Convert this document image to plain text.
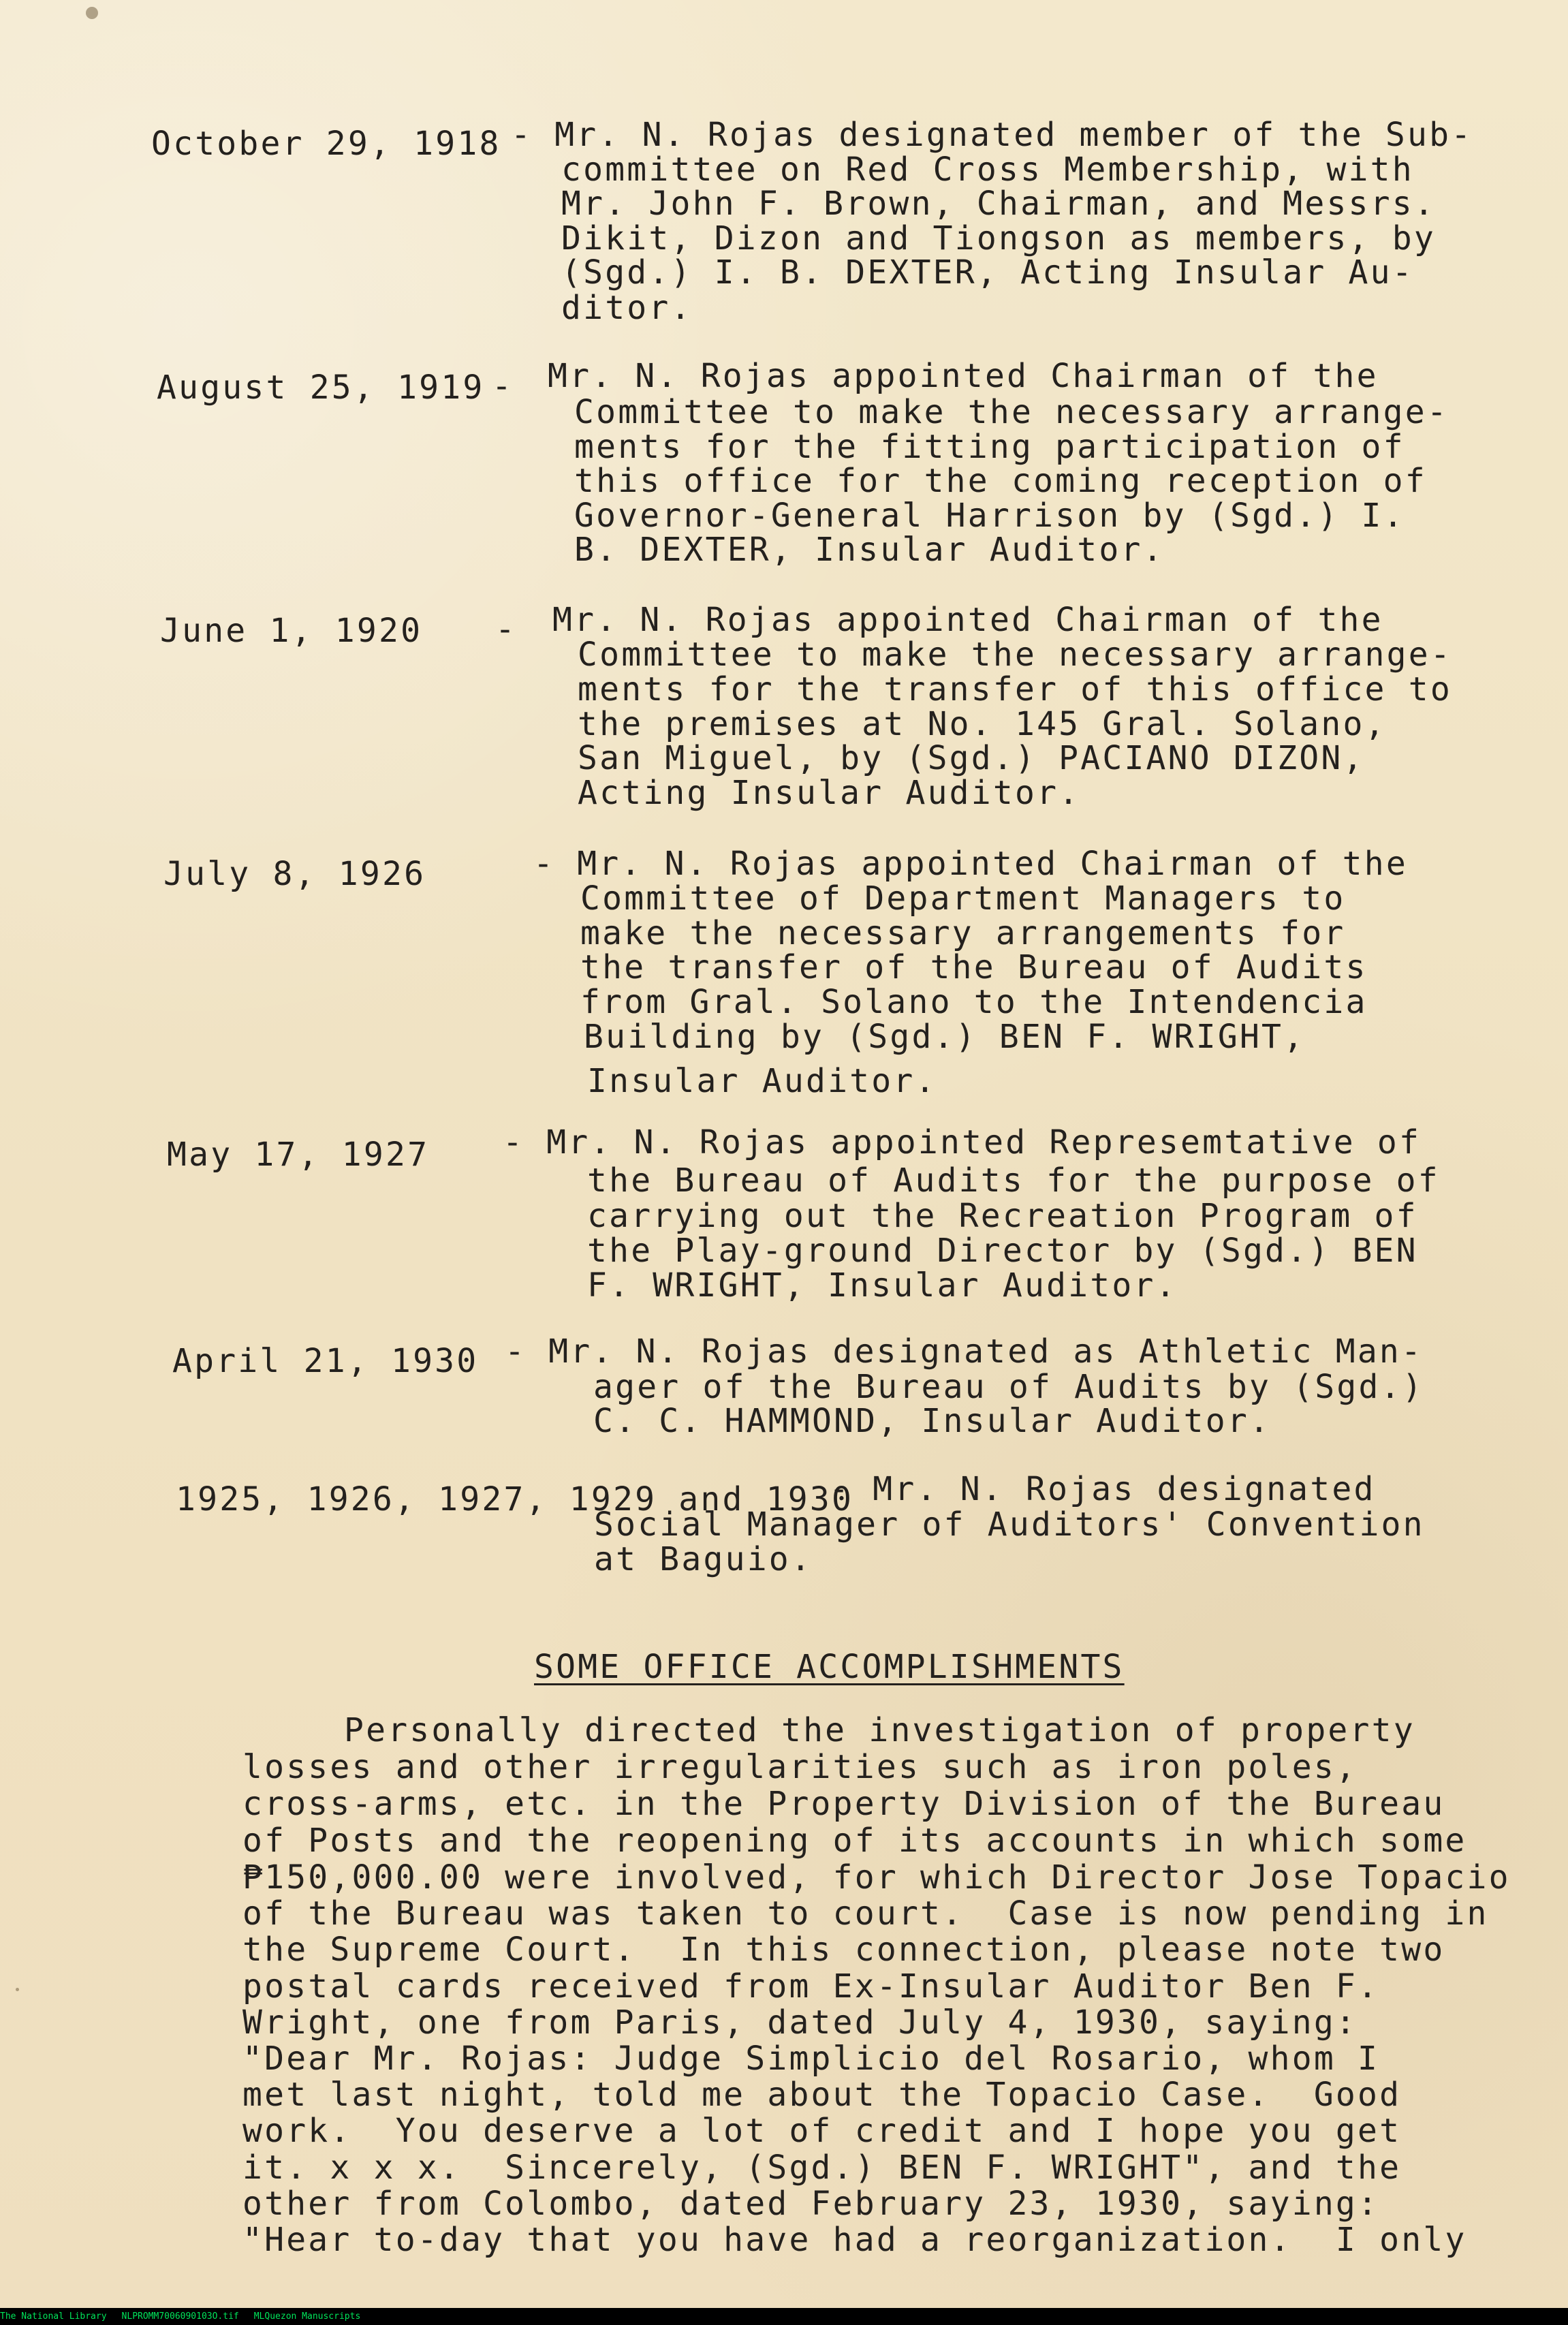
October 29, 1918 - Mr. N. Rojas designated member of the Sub-
committee on Red Cross Membership, with
Mr. John F. Brown, Chairman, and Messrs.
Dikit, Dizon and Tiongson as members, by
(Sgd.) I. B. DEXTER, Acting Insular Au-
ditor.
August 25, 1919 - Mr. N. Rojas appointed Chairman of the
Committee to make the necessary arrange-
ments for the fitting participation of
this office for the coming reception of
Governor-General Harrison by (Sgd.) I.
B. DEXTER, Insular Auditor.
June 1, 1920 - Mr. N. Rojas appointed Chairman of the
Committee to make the necessary arrange-
ments for the transfer of this office to
the premises at No. 145 Gral. Solano,
San Miguel, by (Sgd.) PACIANO DIZON,
Acting Insular Auditor.
July 8, 1926	- Mr. N. Rojas appointed Chairman of the
Committee of Department Managers to
make the necessary arrangements for
the transfer of the Bureau of Audits
from Gral. Solano to the Intendencia
Building by (Sgd.) BEN F. WRIGHT,
Insular Auditor.
May 17, 1927 - Mr. N. Rojas appointed Represemtative of
the Bureau of Audits for the purpose of
carrying out the Recreation Program of
the Play-ground Director by (Sgd.) BEN
F. WRIGHT, Insular Auditor.
April 21, 1930 - Mr. N. Rojas designated as Athletic Man-
ager of the Bureau of Audits by (Sgd.)
C. C. HAMMOND, Insular Auditor.
1925, 1926, 1927, 1929 and 1930
- Mr. N. Rojas designated
Social Manager of Auditors' Convention
at Baguio.
SOME OFFICE ACCOMPLISHMENTS
Personally directed the investigation of property
losses and other irregularities such as iron poles,
cross-arms, etc. in the Property Division of the Bureau
of Posts and the reopening of its accounts in which some
₱150,000.00 were involved, for which Director Jose Topacio
of the Bureau was taken to court.  Case is now pending in
the Supreme Court.  In this connection, please note two
postal cards received from Ex-Insular Auditor Ben F.
Wright, one from Paris, dated July 4, 1930, saying:
"Dear Mr. Rojas: Judge Simplicio del Rosario, whom I
met last night, told me about the Topacio Case.  Good
work.  You deserve a lot of credit and I hope you get
it. x x x.  Sincerely, (Sgd.) BEN F. WRIGHT", and the
other from Colombo, dated February 23, 1930, saying:
"Hear to-day that you have had a reorganization.  I only
The National Library NLPROMM7006090103O.tif MLQuezon Manuscripts
